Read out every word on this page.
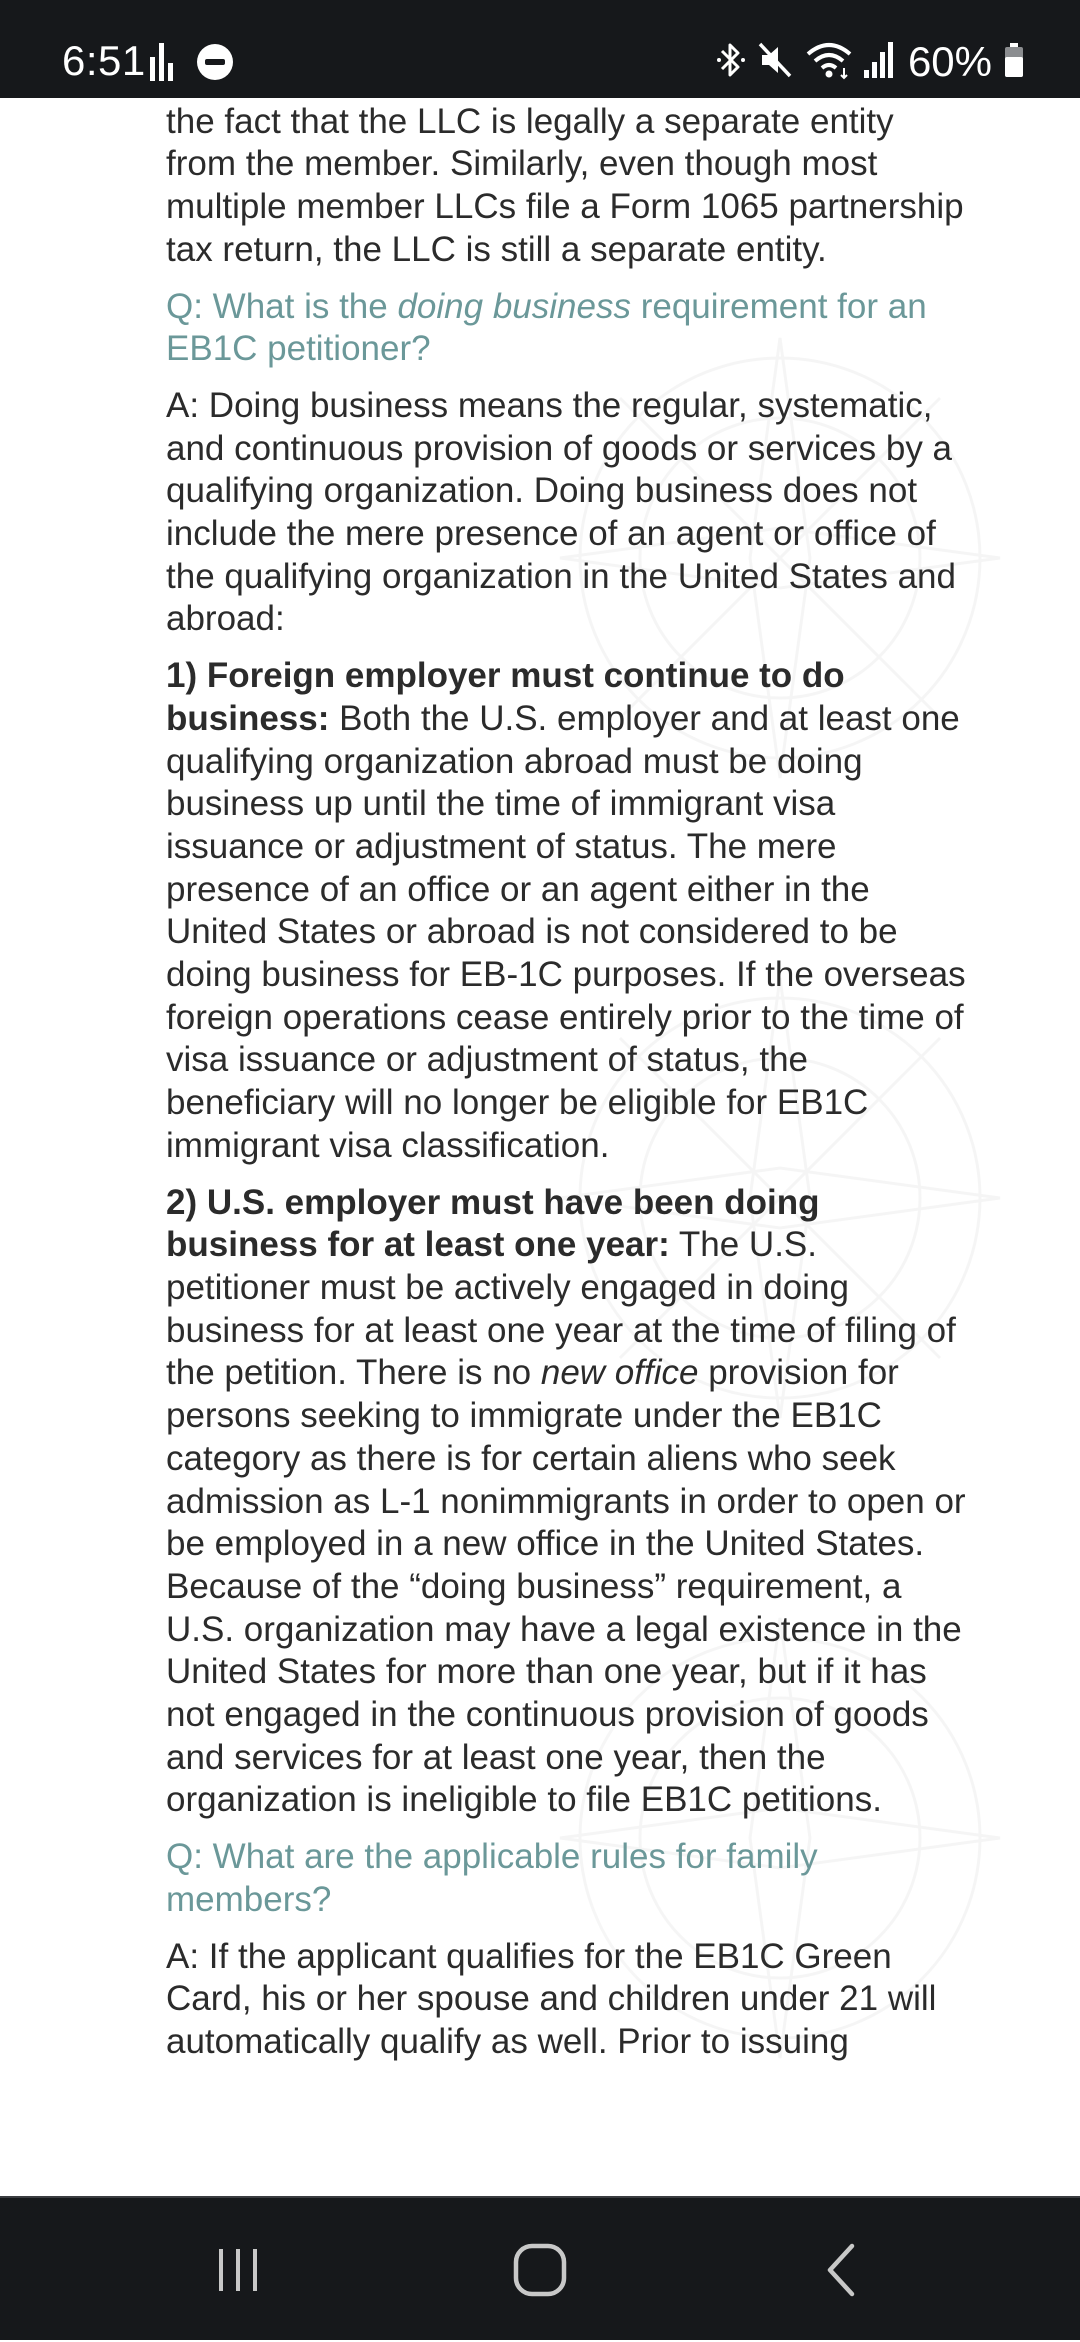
6:51	60%

the fact that the LLC is legally a separate entity from the member. Similarly, even though most multiple member LLCs file a Form 1065 partnership tax return, the LLC is still a separate entity.

Q: What is the doing business requirement for an EB1C petitioner?

A: Doing business means the regular, systematic, and continuous provision of goods or services by a qualifying organization. Doing business does not include the mere presence of an agent or office of the qualifying organization in the United States and abroad:

1) Foreign employer must continue to do business: Both the U.S. employer and at least one qualifying organization abroad must be doing business up until the time of immigrant visa issuance or adjustment of status. The mere presence of an office or an agent either in the United States or abroad is not considered to be doing business for EB-1C purposes. If the overseas foreign operations cease entirely prior to the time of visa issuance or adjustment of status, the beneficiary will no longer be eligible for EB1C immigrant visa classification.

2) U.S. employer must have been doing business for at least one year: The U.S. petitioner must be actively engaged in doing business for at least one year at the time of filing of the petition. There is no new office provision for persons seeking to immigrate under the EB1C category as there is for certain aliens who seek admission as L-1 nonimmigrants in order to open or be employed in a new office in the United States. Because of the “doing business” requirement, a U.S. organization may have a legal existence in the United States for more than one year, but if it has not engaged in the continuous provision of goods and services for at least one year, then the organization is ineligible to file EB1C petitions.

Q: What are the applicable rules for family members?

A: If the applicant qualifies for the EB1C Green Card, his or her spouse and children under 21 will automatically qualify as well. Prior to issuing
